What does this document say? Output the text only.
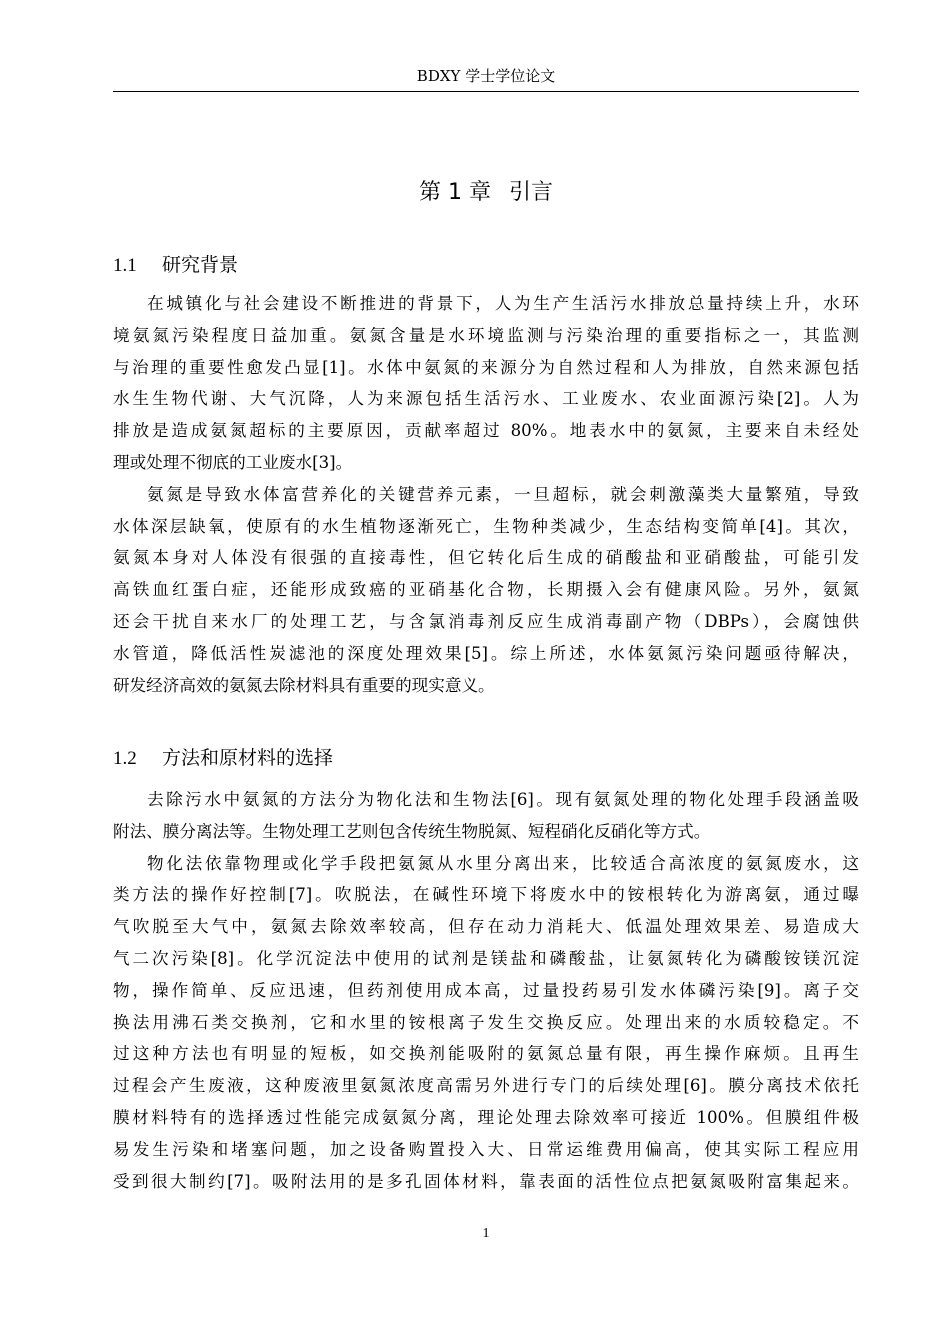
BDXY 学士学位论文
第 1 章 引言
1.1 研究背景
在城镇化与社会建设不断推进的背景下，人为生产生活污水排放总量持续上升，水环
境氨氮污染程度日益加重。氨氮含量是水环境监测与污染治理的重要指标之一，其监测
与治理的重要性愈发凸显[1]。水体中氨氮的来源分为自然过程和人为排放，自然来源包括
水生生物代谢、大气沉降，人为来源包括生活污水、工业废水、农业面源污染[2]。人为
排放是造成氨氮超标的主要原因，贡献率超过 80%。地表水中的氨氮，主要来自未经处
理或处理不彻底的工业废水[3]。
氨氮是导致水体富营养化的关键营养元素，一旦超标，就会刺激藻类大量繁殖，导致
水体深层缺氧，使原有的水生植物逐渐死亡，生物种类减少，生态结构变简单[4]。其次，
氨氮本身对人体没有很强的直接毒性，但它转化后生成的硝酸盐和亚硝酸盐，可能引发
高铁血红蛋白症，还能形成致癌的亚硝基化合物，长期摄入会有健康风险。另外，氨氮
还会干扰自来水厂的处理工艺，与含氯消毒剂反应生成消毒副产物（DBPs），会腐蚀供
水管道，降低活性炭滤池的深度处理效果[5]。综上所述，水体氨氮污染问题亟待解决，
研发经济高效的氨氮去除材料具有重要的现实意义。
1.2 方法和原材料的选择
去除污水中氨氮的方法分为物化法和生物法[6]。现有氨氮处理的物化处理手段涵盖吸
附法、膜分离法等。生物处理工艺则包含传统生物脱氮、短程硝化反硝化等方式。
物化法依靠物理或化学手段把氨氮从水里分离出来，比较适合高浓度的氨氮废水，这
类方法的操作好控制[7]。吹脱法，在碱性环境下将废水中的铵根转化为游离氨，通过曝
气吹脱至大气中，氨氮去除效率较高，但存在动力消耗大、低温处理效果差、易造成大
气二次污染[8]。化学沉淀法中使用的试剂是镁盐和磷酸盐，让氨氮转化为磷酸铵镁沉淀
物，操作简单、反应迅速，但药剂使用成本高，过量投药易引发水体磷污染[9]。离子交
换法用沸石类交换剂，它和水里的铵根离子发生交换反应。处理出来的水质较稳定。不
过这种方法也有明显的短板，如交换剂能吸附的氨氮总量有限，再生操作麻烦。且再生
过程会产生废液，这种废液里氨氮浓度高需另外进行专门的后续处理[6]。膜分离技术依托
膜材料特有的选择透过性能完成氨氮分离，理论处理去除效率可接近 100%。但膜组件极
易发生污染和堵塞问题，加之设备购置投入大、日常运维费用偏高，使其实际工程应用
受到很大制约[7]。吸附法用的是多孔固体材料，靠表面的活性位点把氨氮吸附富集起来。
1
